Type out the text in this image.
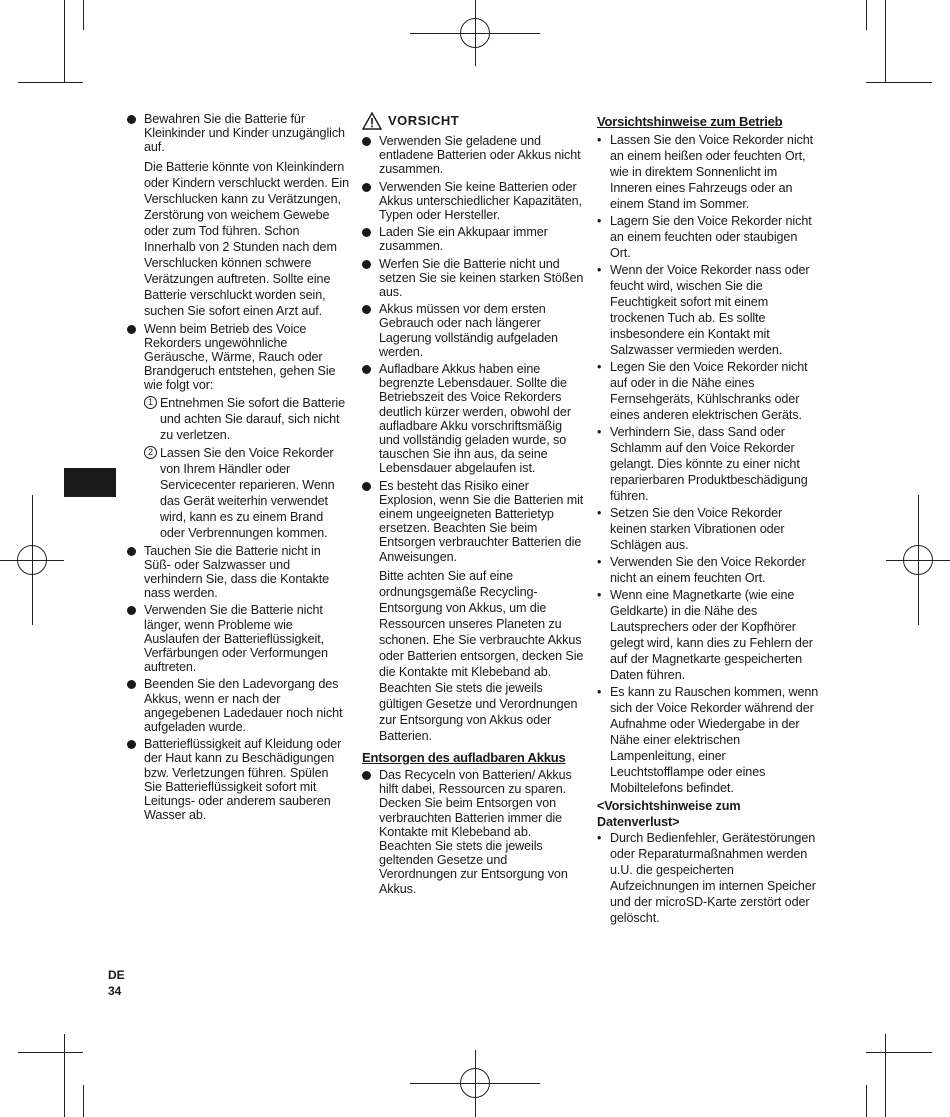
Bewahren Sie die Batterie für Kleinkinder und Kinder unzugänglich auf.
Die Batterie könnte von Kleinkindern oder Kindern verschluckt werden. Ein Verschlucken kann zu Verätzungen, Zerstörung von weichem Gewebe oder zum Tod führen. Schon Innerhalb von 2 Stunden nach dem Verschlucken können schwere Verätzungen auftreten. Sollte eine Batterie verschluckt worden sein, suchen Sie sofort einen Arzt auf.
Wenn beim Betrieb des Voice Rekorders ungewöhnliche Geräusche, Wärme, Rauch oder Brandgeruch entstehen, gehen Sie wie folgt vor:
1 Entnehmen Sie sofort die Batterie und achten Sie darauf, sich nicht zu verletzen.
2 Lassen Sie den Voice Rekorder von Ihrem Händler oder Servicecenter reparieren. Wenn das Gerät weiterhin verwendet wird, kann es zu einem Brand oder Verbrennungen kommen.
Tauchen Sie die Batterie nicht in Süß- oder Salzwasser und verhindern Sie, dass die Kontakte nass werden.
Verwenden Sie die Batterie nicht länger, wenn Probleme wie Auslaufen der Batterieflüssigkeit, Verfärbungen oder Verformungen auftreten.
Beenden Sie den Ladevorgang des Akkus, wenn er nach der angegebenen Ladedauer noch nicht aufgeladen wurde.
Batterieflüssigkeit auf Kleidung oder der Haut kann zu Beschädigungen bzw. Verletzungen führen. Spülen Sie Batterieflüssigkeit sofort mit Leitungs- oder anderem sauberen Wasser ab.
VORSICHT
Verwenden Sie geladene und entladene Batterien oder Akkus nicht zusammen.
Verwenden Sie keine Batterien oder Akkus unterschiedlicher Kapazitäten, Typen oder Hersteller.
Laden Sie ein Akkupaar immer zusammen.
Werfen Sie die Batterie nicht und setzen Sie sie keinen starken Stößen aus.
Akkus müssen vor dem ersten Gebrauch oder nach längerer Lagerung vollständig aufgeladen werden.
Aufladbare Akkus haben eine begrenzte Lebensdauer. Sollte die Betriebszeit des Voice Rekorders deutlich kürzer werden, obwohl der aufladbare Akku vorschriftsmäßig und vollständig geladen wurde, so tauschen Sie ihn aus, da seine Lebensdauer abgelaufen ist.
Es besteht das Risiko einer Explosion, wenn Sie die Batterien mit einem ungeeigneten Batterietyp ersetzen. Beachten Sie beim Entsorgen verbrauchter Batterien die Anweisungen.
Bitte achten Sie auf eine ordnungsgemäße Recycling-Entsorgung von Akkus, um die Ressourcen unseres Planeten zu schonen. Ehe Sie verbrauchte Akkus oder Batterien entsorgen, decken Sie die Kontakte mit Klebeband ab. Beachten Sie stets die jeweils gültigen Gesetze und Verordnungen zur Entsorgung von Akkus oder Batterien.
Entsorgen des aufladbaren Akkus
Das Recyceln von Batterien/ Akkus hilft dabei, Ressourcen zu sparen. Decken Sie beim Entsorgen von verbrauchten Batterien immer die Kontakte mit Klebeband ab. Beachten Sie stets die jeweils geltenden Gesetze und Verordnungen zur Entsorgung von Akkus.
Vorsichtshinweise zum Betrieb
• Lassen Sie den Voice Rekorder nicht an einem heißen oder feuchten Ort, wie in direktem Sonnenlicht im Inneren eines Fahrzeugs oder an einem Stand im Sommer.
• Lagern Sie den Voice Rekorder nicht an einem feuchten oder staubigen Ort.
• Wenn der Voice Rekorder nass oder feucht wird, wischen Sie die Feuchtigkeit sofort mit einem trockenen Tuch ab. Es sollte insbesondere ein Kontakt mit Salzwasser vermieden werden.
• Legen Sie den Voice Rekorder nicht auf oder in die Nähe eines Fernsehgeräts, Kühlschranks oder eines anderen elektrischen Geräts.
• Verhindern Sie, dass Sand oder Schlamm auf den Voice Rekorder gelangt. Dies könnte zu einer nicht reparierbaren Produktbeschädigung führen.
• Setzen Sie den Voice Rekorder keinen starken Vibrationen oder Schlägen aus.
• Verwenden Sie den Voice Rekorder nicht an einem feuchten Ort.
• Wenn eine Magnetkarte (wie eine Geldkarte) in die Nähe des Lautsprechers oder der Kopfhörer gelegt wird, kann dies zu Fehlern der auf der Magnetkarte gespeicherten Daten führen.
• Es kann zu Rauschen kommen, wenn sich der Voice Rekorder während der Aufnahme oder Wiedergabe in der Nähe einer elektrischen Lampenleitung, einer Leuchtstofflampe oder eines Mobiltelefons befindet.
<Vorsichtshinweise zum Datenverlust>
• Durch Bedienfehler, Gerätestörungen oder Reparaturmaßnahmen werden u.U. die gespeicherten Aufzeichnungen im internen Speicher und der microSD-Karte zerstört oder gelöscht.
DE
34
